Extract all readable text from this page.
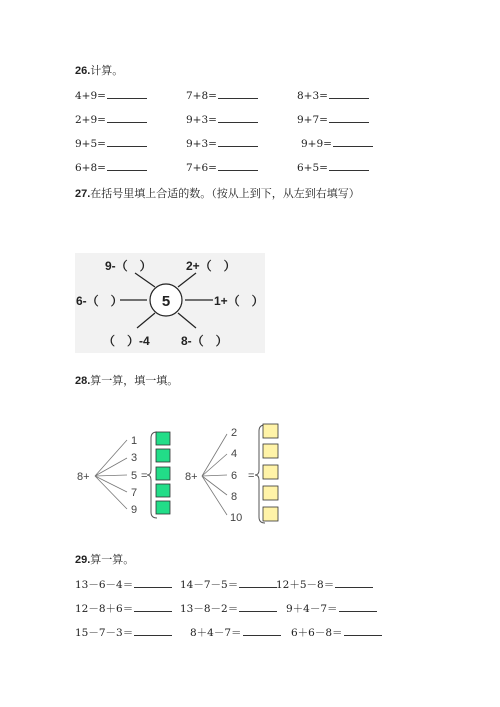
26.计算。
4+9=	7+8=	8+3=
2+9=	9+3=	9+7=
9+5=	9+3=	9+9=
6+8=	7+6=	6+5=
27.在括号里填上合适的数。（按从上到下，从左到右填写）
5
9-（　）	2+（　）
6-（　）	1+（　）
（　）-4	8-（　）
28.算一算，填一填。
8+
1
3
5 =
7
9
8+
2
4
6 =
8
10
29.算一算。
13－6－4＝	14－7－5＝	12＋5－8＝
12－8＋6＝	13－8－2＝	9＋4－7＝
15－7－3＝	8＋4－7＝	6＋6－8＝
